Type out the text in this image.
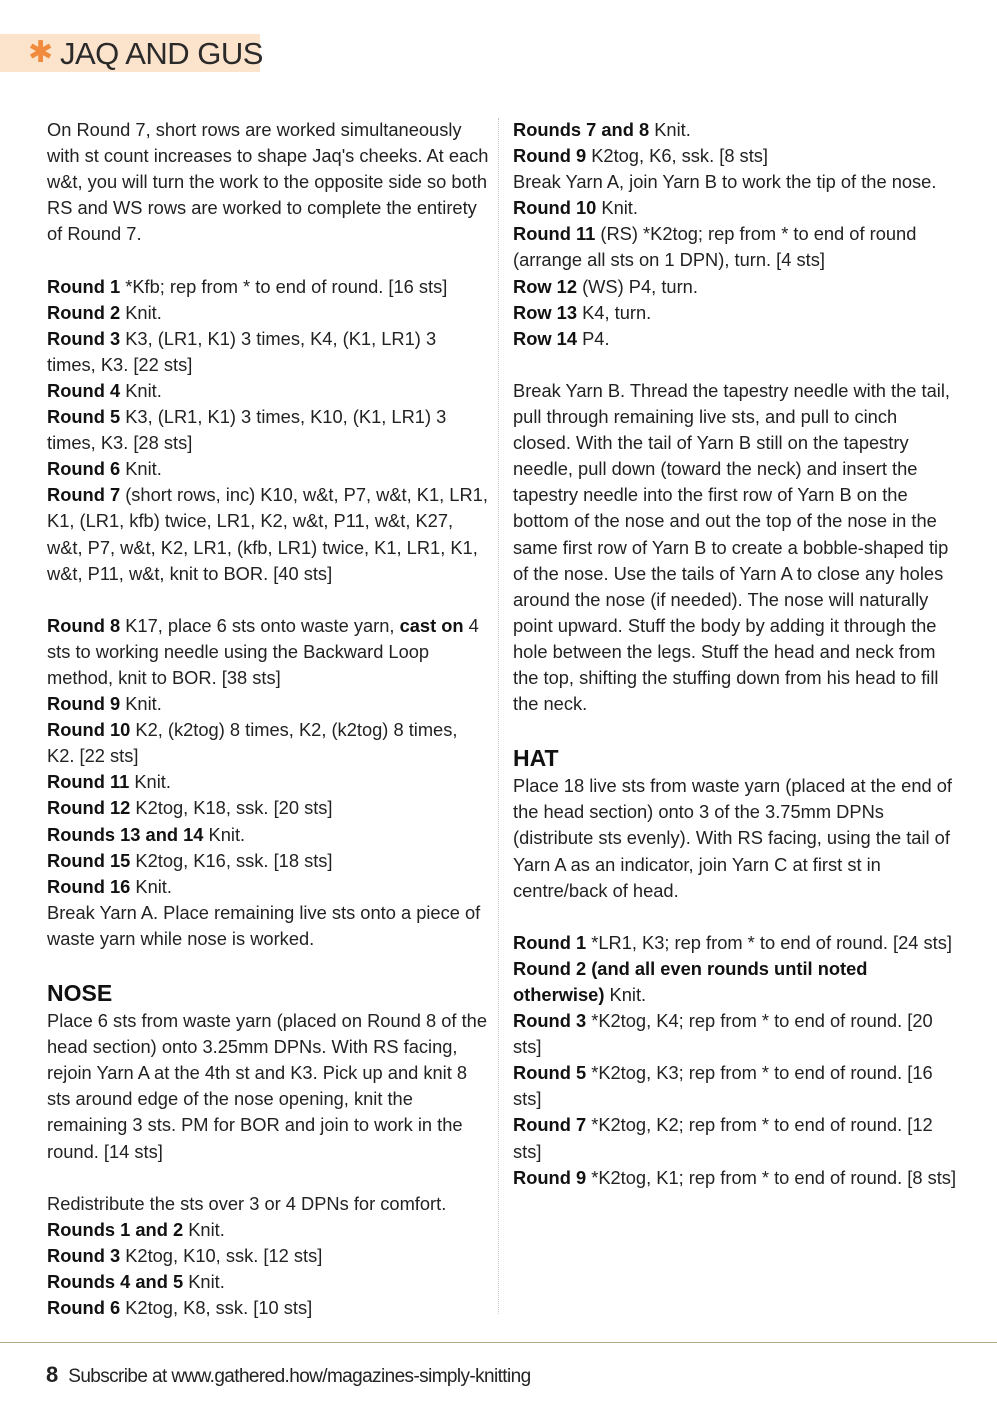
✱ JAQ AND GUS

On Round 7, short rows are worked simultaneously with st count increases to shape Jaq's cheeks. At each w&t, you will turn the work to the opposite side so both RS and WS rows are worked to complete the entirety of Round 7.

Round 1 *Kfb; rep from * to end of round. [16 sts]

Round 2 Knit.

Round 3 K3, (LR1, K1) 3 times, K4, (K1, LR1) 3 times, K3. [22 sts]

Round 4 Knit.

Round 5 K3, (LR1, K1) 3 times, K10, (K1, LR1) 3 times, K3. [28 sts]

Round 6 Knit.

Round 7 (short rows, inc) K10, w&t, P7, w&t, K1, LR1, K1, (LR1, kfb) twice, LR1, K2, w&t, P11, w&t, K27, w&t, P7, w&t, K2, LR1, (kfb, LR1) twice, K1, LR1, K1, w&t, P11, w&t, knit to BOR. [40 sts]

Round 8 K17, place 6 sts onto waste yarn, cast on 4 sts to working needle using the Backward Loop method, knit to BOR. [38 sts]

Round 9 Knit.

Round 10 K2, (k2tog) 8 times, K2, (k2tog) 8 times, K2. [22 sts]

Round 11 Knit.

Round 12 K2tog, K18, ssk. [20 sts]

Rounds 13 and 14 Knit.

Round 15 K2tog, K16, ssk. [18 sts]

Round 16 Knit.

Break Yarn A. Place remaining live sts onto a piece of waste yarn while nose is worked.

NOSE

Place 6 sts from waste yarn (placed on Round 8 of the head section) onto 3.25mm DPNs. With RS facing, rejoin Yarn A at the 4th st and K3. Pick up and knit 8 sts around edge of the nose opening, knit the remaining 3 sts. PM for BOR and join to work in the round. [14 sts]

Redistribute the sts over 3 or 4 DPNs for comfort.

Rounds 1 and 2 Knit.

Round 3 K2tog, K10, ssk. [12 sts]

Rounds 4 and 5 Knit.

Round 6 K2tog, K8, ssk. [10 sts]

Rounds 7 and 8 Knit.

Round 9 K2tog, K6, ssk. [8 sts]

Break Yarn A, join Yarn B to work the tip of the nose.

Round 10 Knit.

Round 11 (RS) *K2tog; rep from * to end of round (arrange all sts on 1 DPN), turn. [4 sts]

Row 12 (WS) P4, turn.

Row 13 K4, turn.

Row 14 P4.

Break Yarn B. Thread the tapestry needle with the tail, pull through remaining live sts, and pull to cinch closed. With the tail of Yarn B still on the tapestry needle, pull down (toward the neck) and insert the tapestry needle into the first row of Yarn B on the bottom of the nose and out the top of the nose in the same first row of Yarn B to create a bobble-shaped tip of the nose. Use the tails of Yarn A to close any holes around the nose (if needed). The nose will naturally point upward. Stuff the body by adding it through the hole between the legs. Stuff the head and neck from the top, shifting the stuffing down from his head to fill the neck.

HAT

Place 18 live sts from waste yarn (placed at the end of the head section) onto 3 of the 3.75mm DPNs (distribute sts evenly). With RS facing, using the tail of Yarn A as an indicator, join Yarn C at first st in centre/back of head.

Round 1 *LR1, K3; rep from * to end of round. [24 sts]

Round 2 (and all even rounds until noted otherwise) Knit.

Round 3 *K2tog, K4; rep from * to end of round. [20 sts]

Round 5 *K2tog, K3; rep from * to end of round. [16 sts]

Round 7 *K2tog, K2; rep from * to end of round. [12 sts]

Round 9 *K2tog, K1; rep from * to end of round. [8 sts]

8 Subscribe at www.gathered.how/magazines-simply-knitting
